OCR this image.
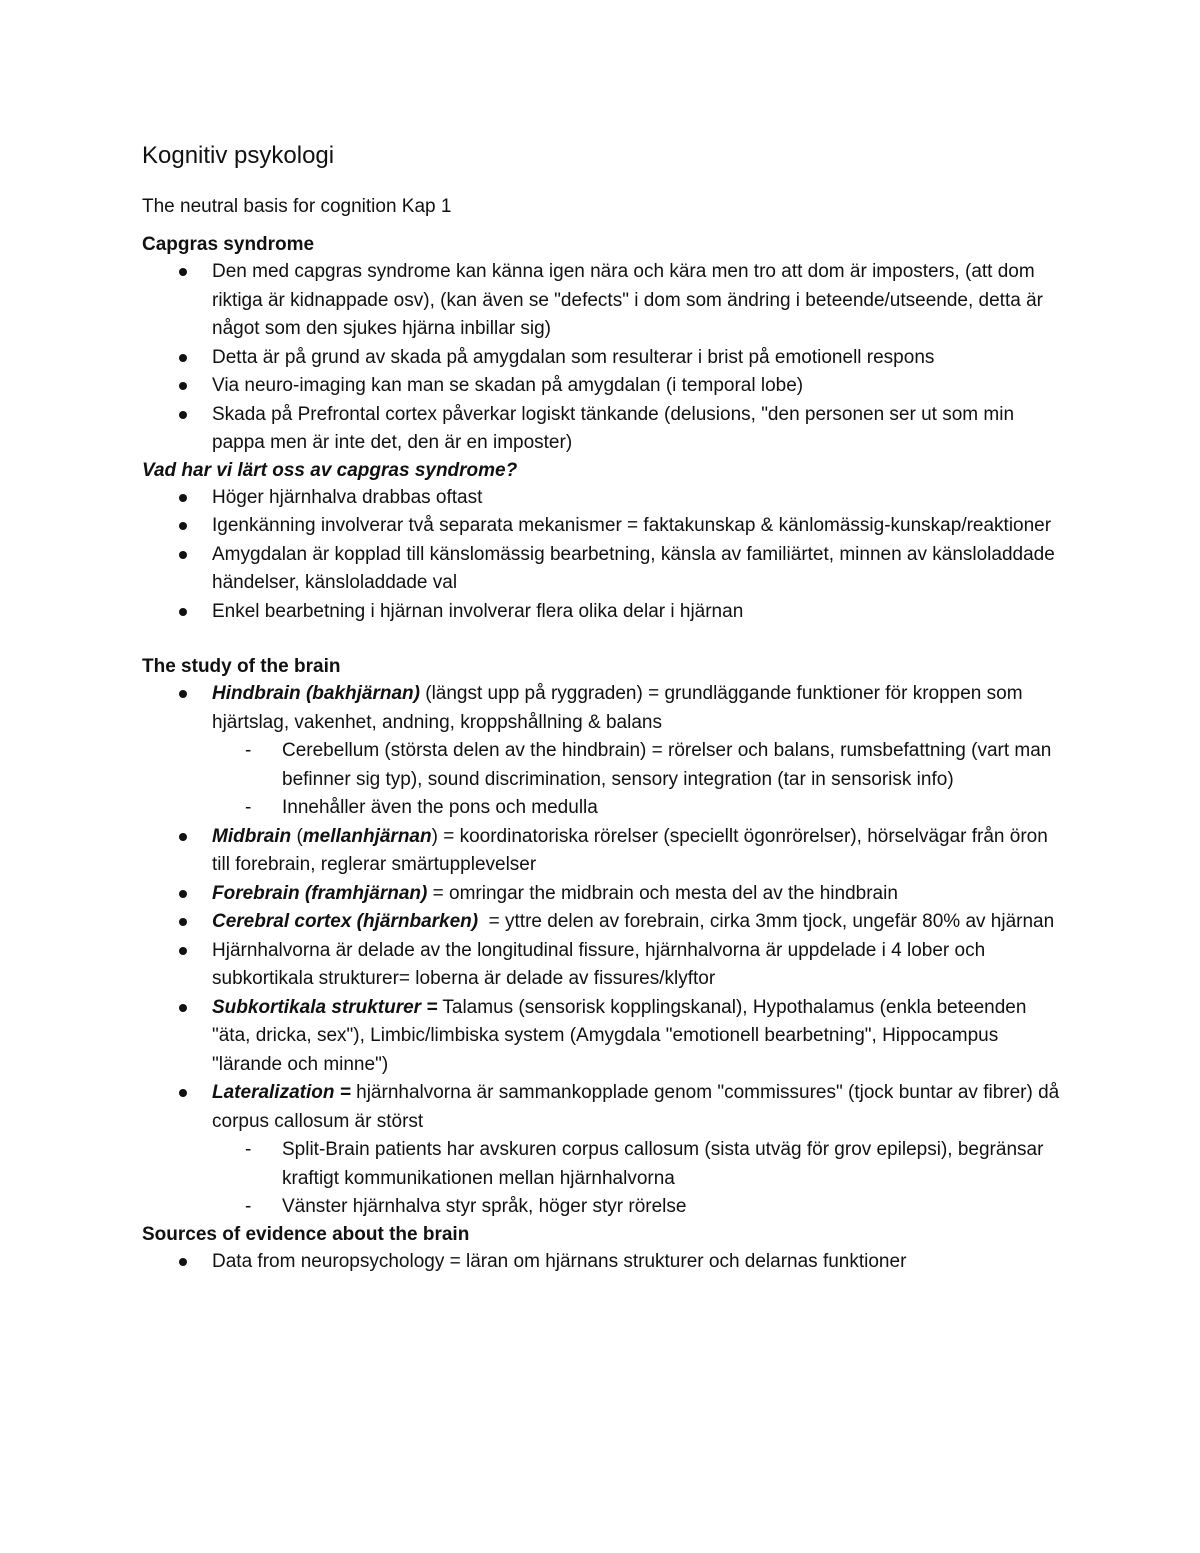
Kognitiv psykologi

The neutral basis for cognition Kap 1

Capgras syndrome

Den med capgras syndrome kan känna igen nära och kära men tro att dom är imposters, (att dom riktiga är kidnappade osv), (kan även se "defects" i dom som ändring i beteende/utseende, detta är något som den sjukes hjärna inbillar sig)
Detta är på grund av skada på amygdalan som resulterar i brist på emotionell respons
Via neuro-imaging kan man se skadan på amygdalan (i temporal lobe)
Skada på Prefrontal cortex påverkar logiskt tänkande (delusions, "den personen ser ut som min pappa men är inte det, den är en imposter)

Vad har vi lärt oss av capgras syndrome?

Höger hjärnhalva drabbas oftast
Igenkänning involverar två separata mekanismer = faktakunskap & känlomässig-kunskap/reaktioner
Amygdalan är kopplad till känslomässig bearbetning, känsla av familiärtet, minnen av känsloladdade händelser, känsloladdade val
Enkel bearbetning i hjärnan involverar flera olika delar i hjärnan

The study of the brain

Hindbrain (bakhjärnan) (längst upp på ryggraden) = grundläggande funktioner för kroppen som hjärtslag, vakenhet, andning, kroppshållning & balans
- Cerebellum (största delen av the hindbrain) = rörelser och balans, rumsbefattning (vart man befinner sig typ), sound discrimination, sensory integration (tar in sensorisk info)
- Innehåller även the pons och medulla
Midbrain (mellanhjärnan) = koordinatoriska rörelser (speciellt ögonrörelser), hörselvägar från öron till forebrain, reglerar smärtupplevelser
Forebrain (framhjärnan) = omringar the midbrain och mesta del av the hindbrain
Cerebral cortex (hjärnbarken)  = yttre delen av forebrain, cirka 3mm tjock, ungefär 80% av hjärnan
Hjärnhalvorna är delade av the longitudinal fissure, hjärnhalvorna är uppdelade i 4 lober och subkortikala strukturer= loberna är delade av fissures/klyftor
Subkortikala strukturer = Talamus (sensorisk kopplingskanal), Hypothalamus (enkla beteenden "äta, dricka, sex"), Limbic/limbiska system (Amygdala "emotionell bearbetning", Hippocampus "lärande och minne")
Lateralization = hjärnhalvorna är sammankopplade genom "commissures" (tjock buntar av fibrer) då corpus callosum är störst
- Split-Brain patients har avskuren corpus callosum (sista utväg för grov epilepsi), begränsar kraftigt kommunikationen mellan hjärnhalvorna
- Vänster hjärnhalva styr språk, höger styr rörelse

Sources of evidence about the brain

Data from neuropsychology = läran om hjärnans strukturer och delarnas funktioner
